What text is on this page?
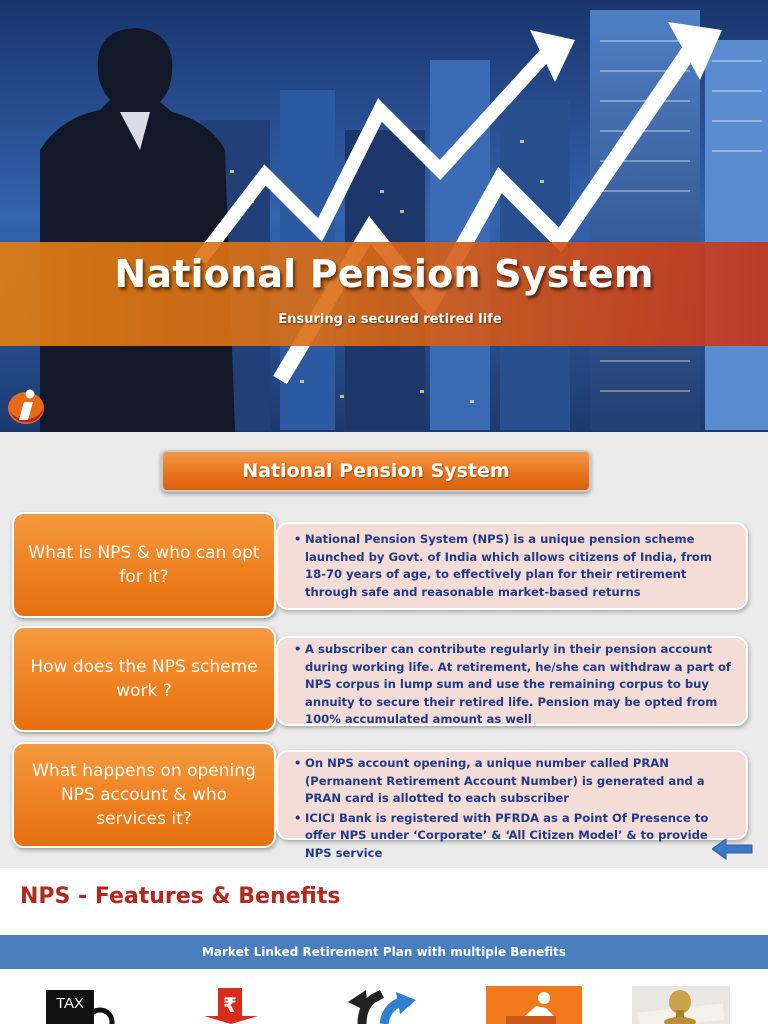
National Pension System
Ensuring a secured retired life
National Pension System
What is NPS & who can opt for it?

• National Pension System (NPS) is a unique pension scheme launched by Govt. of India which allows citizens of India, from 18-70 years of age, to effectively plan for their retirement through safe and reasonable market-based returns

How does the NPS scheme work ?

• A subscriber can contribute regularly in their pension account during working life. At retirement, he/she can withdraw a part of NPS corpus in lump sum and use the remaining corpus to buy annuity to secure their retired life. Pension may be opted from 100% accumulated amount as well

What happens on opening NPS account & who services it?

• On NPS account opening, a unique number called PRAN (Permanent Retirement Account Number) is generated and a PRAN card is allotted to each subscriber

• ICICI Bank is registered with PFRDA as a Point Of Presence to offer NPS under ‘Corporate’ & ‘All Citizen Model’ & to provide NPS service

NPS - Features & Benefits
Market Linked Retirement Plan with multiple Benefits
TAX	₹
